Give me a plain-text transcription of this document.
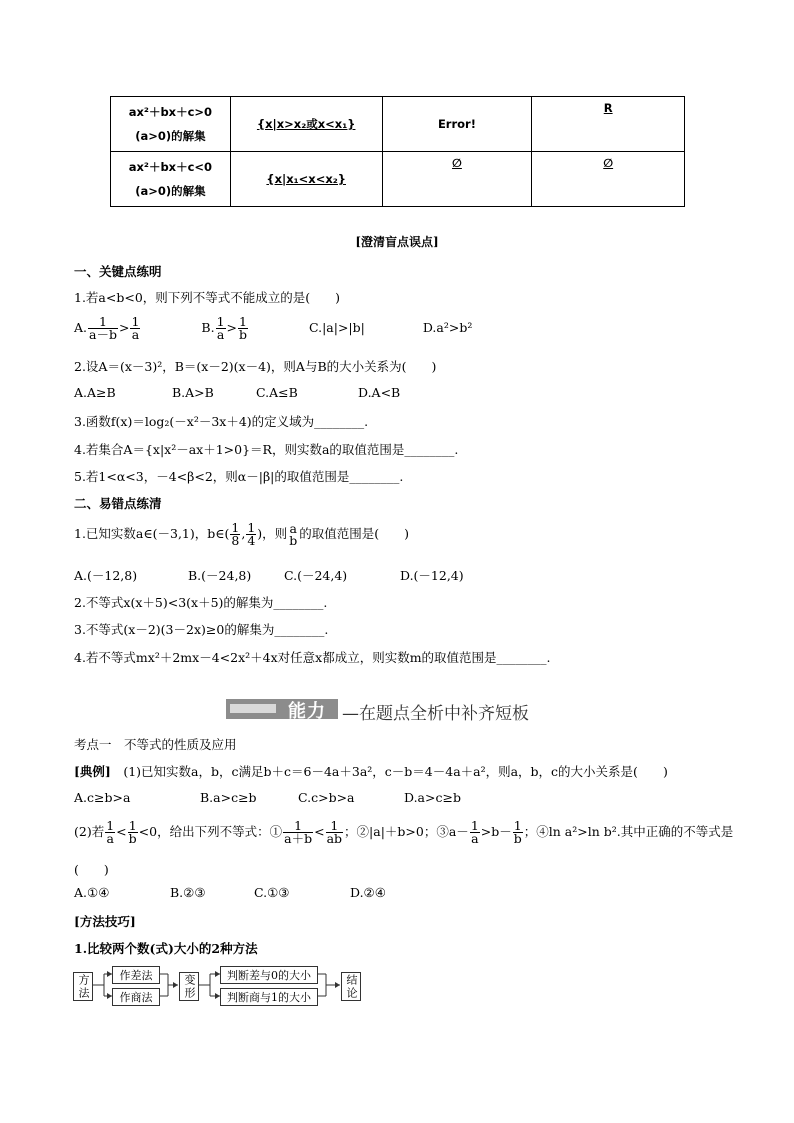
ax²＋bx＋c>0
(a>0)的解集	{x|x>x₂或x<x₁}	Error!	R

ax²＋bx＋c<0
(a>0)的解集	{x|x₁<x<x₂}	∅	∅
[澄清盲点误点]
一、关键点练明
1.若a<b<0，则下列不等式不能成立的是(　　)
A. $\frac{1}{a-b} > \frac{1}{a}$	B. $\frac{1}{a} > \frac{1}{b}$	C.|a|>|b|	D.a²>b²
2.设A＝(x－3)²，B＝(x－2)(x－4)，则A与B的大小关系为(　　)
A.A≥B	B.A>B	C.A≤B	D.A<B
3.函数f(x)＝log₂(－x²－3x＋4)的定义域为________.
4.若集合A＝{x|x²－ax＋1>0}＝R，则实数a的取值范围是________.
5.若1<α<3，－4<β<2，则α－|β|的取值范围是________.
二、易错点练清
1.已知实数a∈(－3,1)，b∈( $\frac{1}{8}$ , $\frac{1}{4}$ )，则 a
b 的取值范围是(　　)
A.(－12,8)	B.(－24,8)	C.(－24,4)	D.(－12,4)
2.不等式x(x＋5)<3(x＋5)的解集为________.
3.不等式(x－2)(3－2x)≥0的解集为________.
4.若不等式mx²＋2mx－4<2x²＋4x对任意x都成立，则实数m的取值范围是________.
能力 —在题点全析中补齐短板
考点一　不等式的性质及应用
[典例]　(1)已知实数a，b，c满足b＋c＝6－4a＋3a²，c－b＝4－4a＋a²，则a，b，c的大小关系是(　　)
A.c≥b>a	B.a>c≥b	C.c>b>a	D.a>c≥b
(2)若 $\frac{1}{a} < \frac{1}{b} <0$，给出下列不等式：① $\frac{1}{a+b} < \frac{1}{ab}$ ；②|a|＋b>0；③a－ $\frac{1}{a} >b- \frac{1}{b}$ ；④ln a²>ln b².其中正确的不等式是
(　　)
A.①④	B.②③	C.①③	D.②④
[方法技巧]
1.比较两个数(式)大小的2种方法
方法	作差法
作商法	变形	判断差与0的大小
判断商与1的大小	结论
